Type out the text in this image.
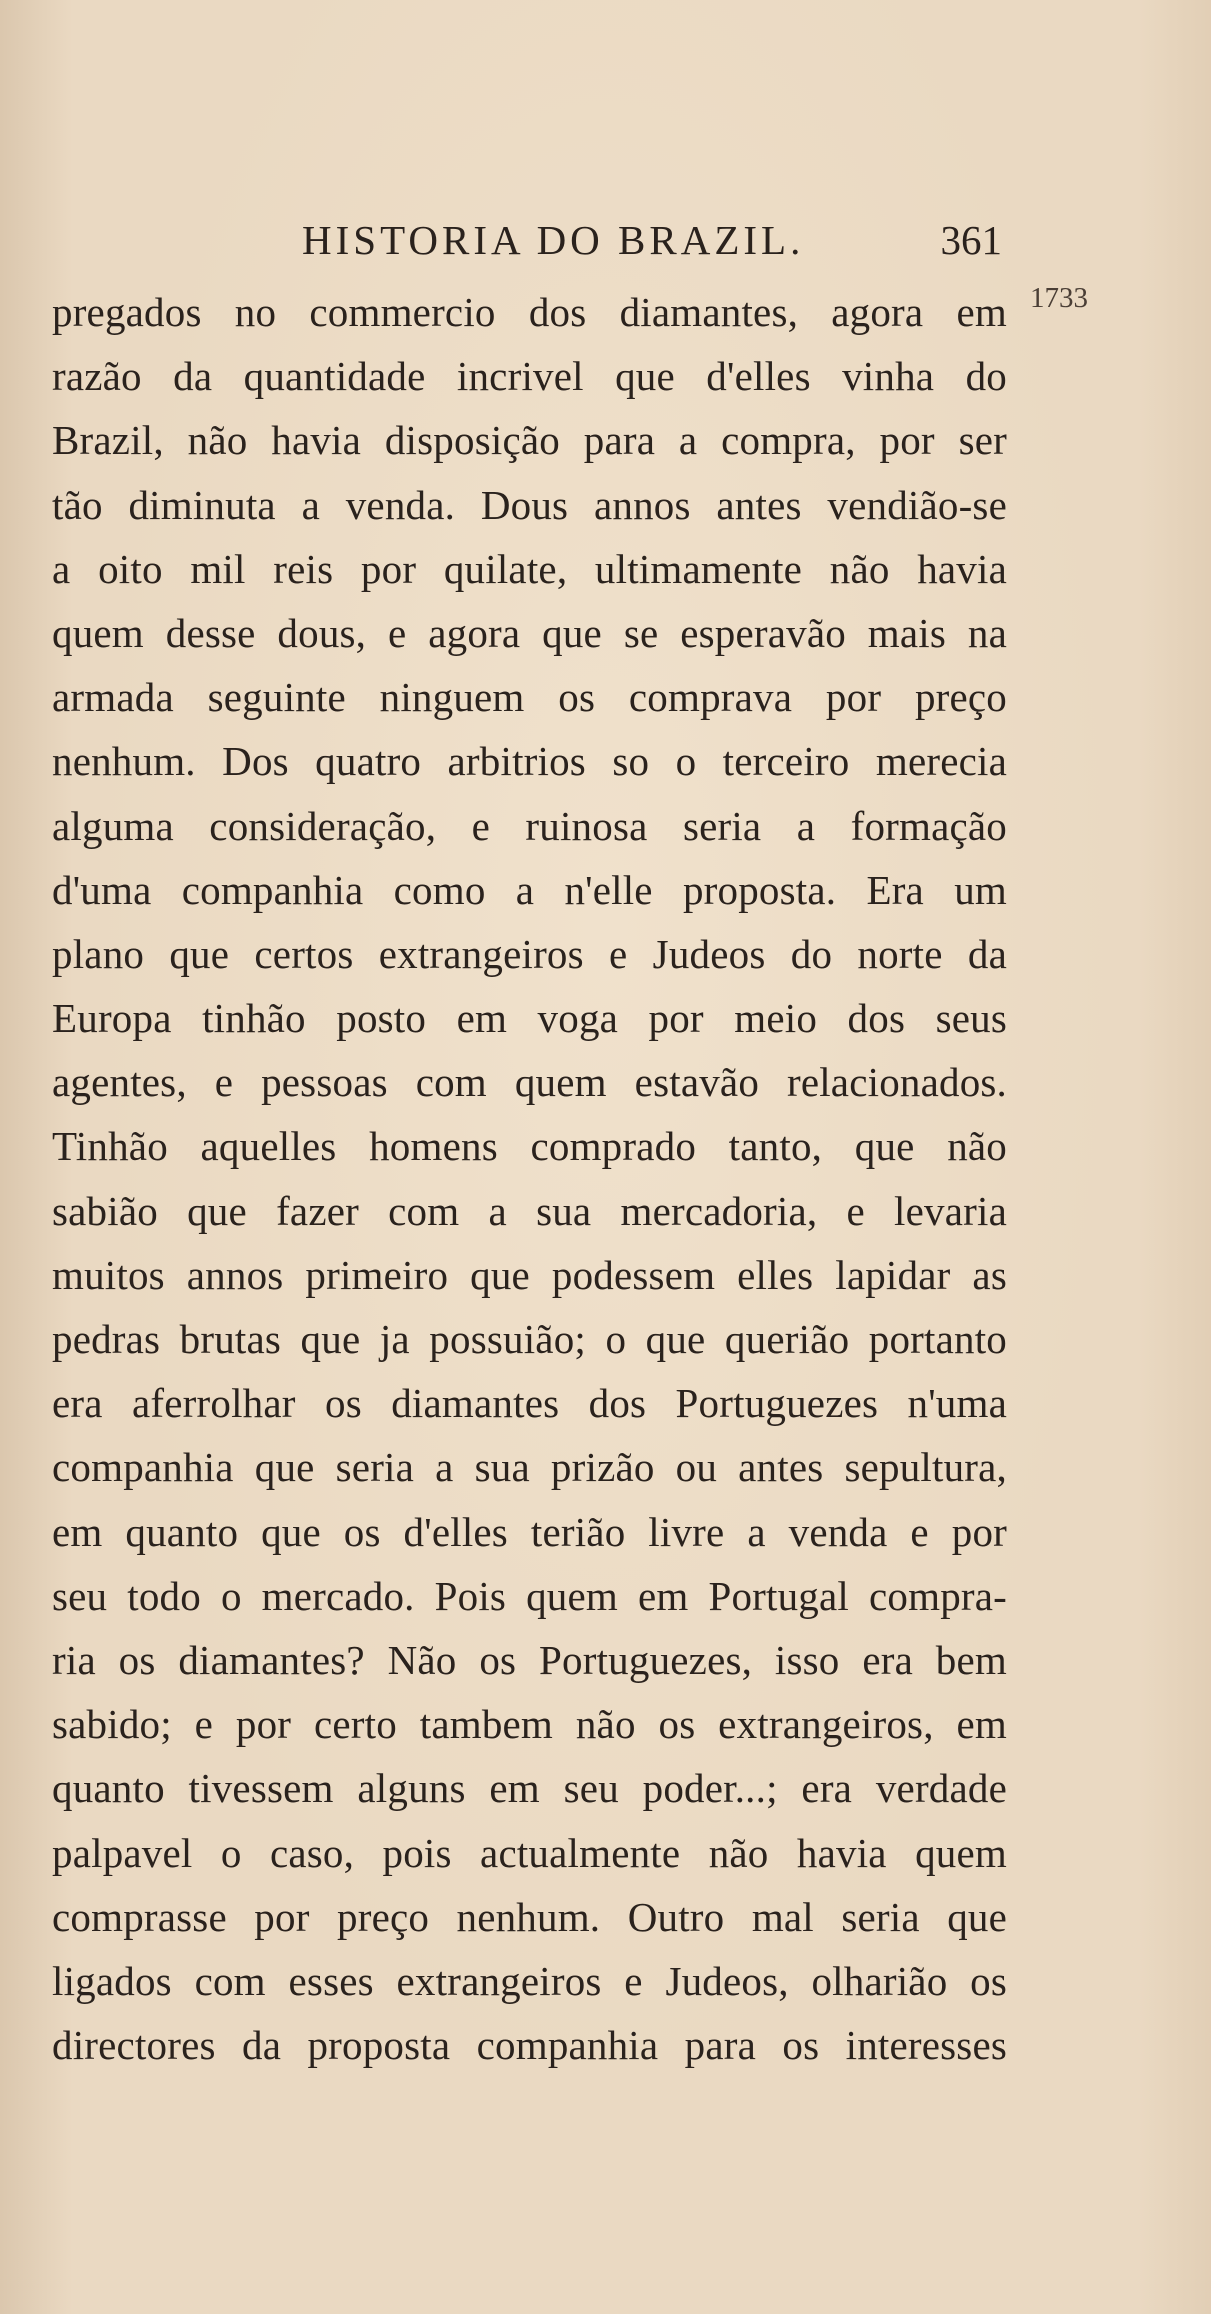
HISTORIA DO BRAZIL.	361
1733
pregados no commercio dos diamantes, agora em
razão da quantidade incrivel que d'elles vinha do
Brazil, não havia disposição para a compra, por ser
tão diminuta a venda. Dous annos antes vendião-se
a oito mil reis por quilate, ultimamente não havia
quem desse dous, e agora que se esperavão mais na
armada seguinte ninguem os comprava por preço
nenhum. Dos quatro arbitrios so o terceiro merecia
alguma consideração, e ruinosa seria a formação
d'uma companhia como a n'elle proposta. Era um
plano que certos extrangeiros e Judeos do norte da
Europa tinhão posto em voga por meio dos seus
agentes, e pessoas com quem estavão relacionados.
Tinhão aquelles homens comprado tanto, que não
sabião que fazer com a sua mercadoria, e levaria
muitos annos primeiro que podessem elles lapidar as
pedras brutas que ja possuião; o que querião portanto
era aferrolhar os diamantes dos Portuguezes n'uma
companhia que seria a sua prizão ou antes sepultura,
em quanto que os d'elles terião livre a venda e por
seu todo o mercado. Pois quem em Portugal compra-
ria os diamantes? Não os Portuguezes, isso era bem
sabido; e por certo tambem não os extrangeiros, em
quanto tivessem alguns em seu poder...; era verdade
palpavel o caso, pois actualmente não havia quem
comprasse por preço nenhum. Outro mal seria que
ligados com esses extrangeiros e Judeos, olharião os
directores da proposta companhia para os interesses
